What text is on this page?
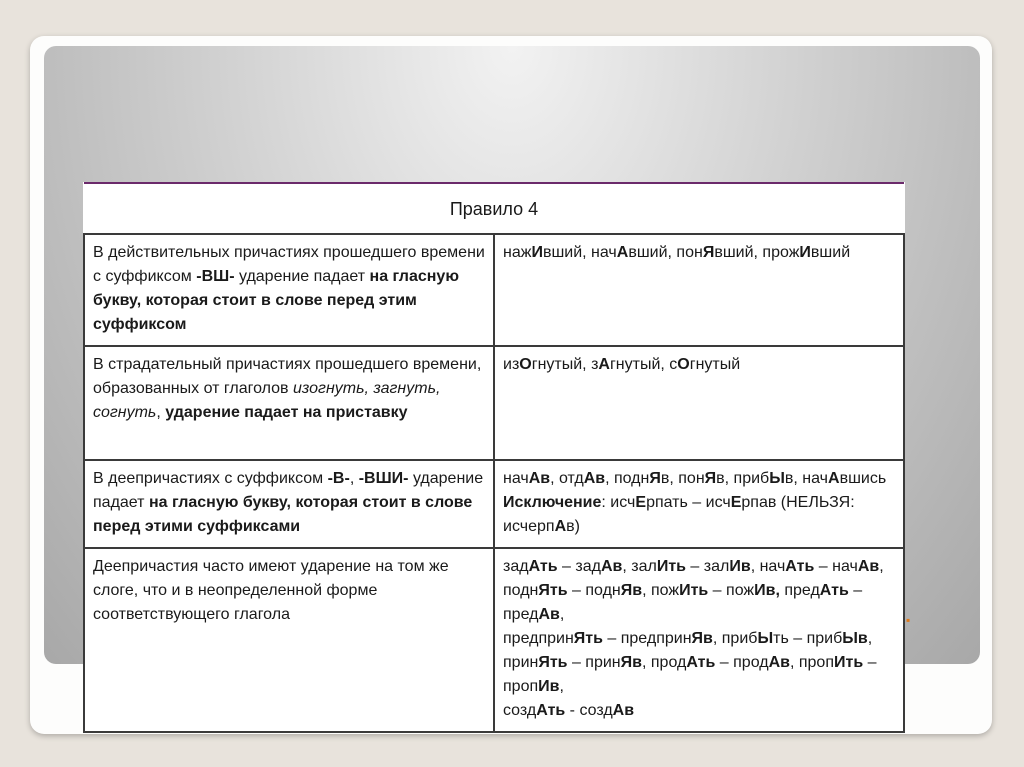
Правило 4	
В действительных причастиях прошедшего времени с суффиксом -ВШ- ударение падает на гласную букву, которая стоит в слове перед этим суффиксом	нажИвший, начАвший, понЯвший, прожИвший

В страдательный причастиях прошедшего времени, образованных от глаголов изогнуть, загнуть, согнуть, ударение падает на приставку	изОгнутый, зАгнутый, сОгнутый

В деепричастиях с суффиксом -В-, -ВШИ- ударение падает на гласную букву, которая стоит в слове перед этими суффиксами	начАв, отдАв, поднЯв, понЯв, прибЫв, начАвшись
Исключение: исчЕрпать – исчЕрпав (НЕЛЬЗЯ: исчерпАв)

Деепричастия часто имеют ударение на том же слоге, что и в неопределенной форме соответствующего глагола	задАть – задАв, залИть – залИв, начАть – начАв,
поднЯть – поднЯв, пожИть – пожИв, предАть – предАв,
предпринЯть – предпринЯв, прибЫть – прибЫв,
принЯть – принЯв, продАть – продАв, пропИть – пропИв,
создАть - создАв
▪
